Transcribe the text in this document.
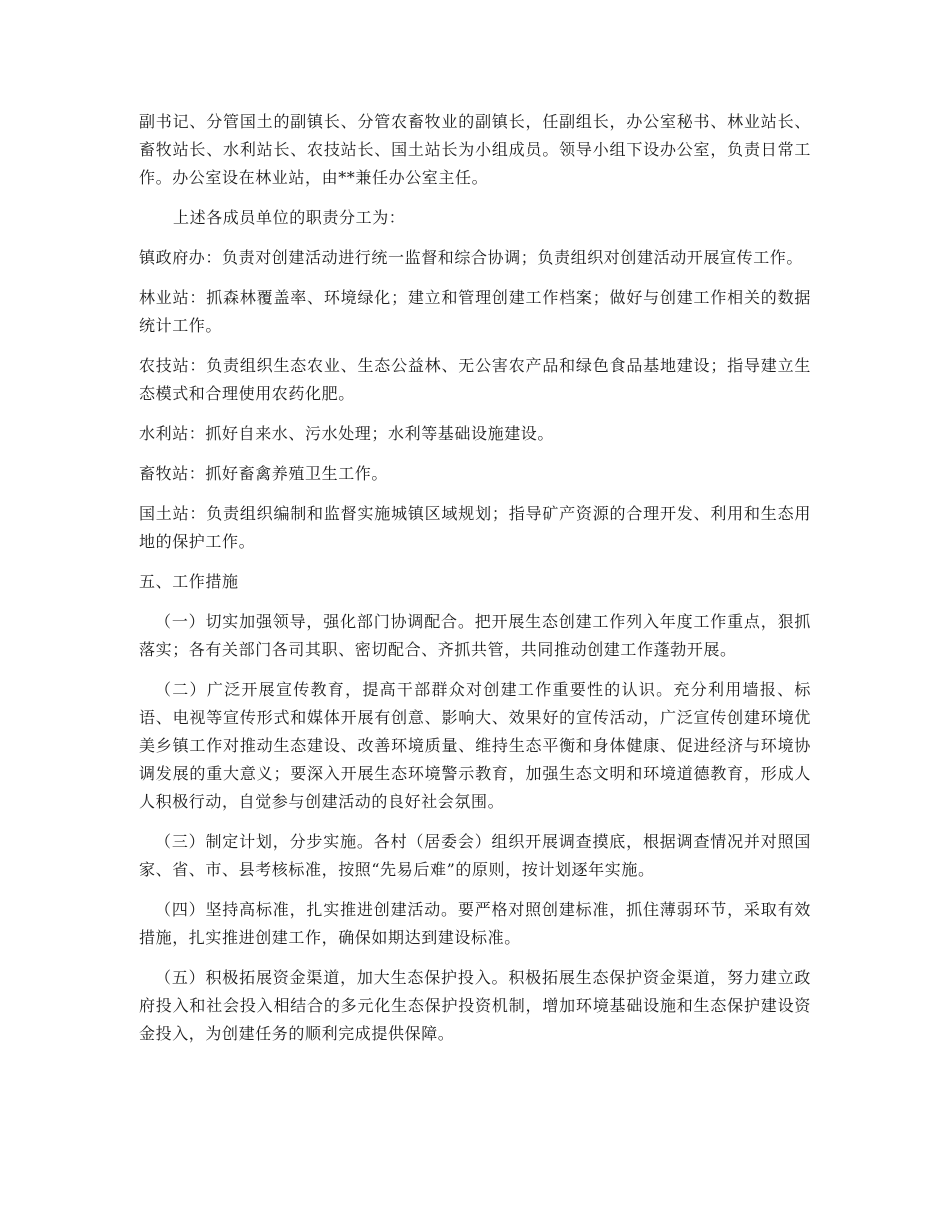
副书记、分管国土的副镇长、分管农畜牧业的副镇长，任副组长，办公室秘书、林业站长、畜牧站长、水利站长、农技站长、国土站长为小组成员。领导小组下设办公室，负责日常工作。办公室设在林业站，由**兼任办公室主任。

上述各成员单位的职责分工为：

镇政府办：负责对创建活动进行统一监督和综合协调；负责组织对创建活动开展宣传工作。

林业站：抓森林覆盖率、环境绿化；建立和管理创建工作档案；做好与创建工作相关的数据统计工作。

农技站：负责组织生态农业、生态公益林、无公害农产品和绿色食品基地建设；指导建立生态模式和合理使用农药化肥。

水利站：抓好自来水、污水处理；水利等基础设施建设。

畜牧站：抓好畜禽养殖卫生工作。

国土站：负责组织编制和监督实施城镇区域规划；指导矿产资源的合理开发、利用和生态用地的保护工作。

五、工作措施

（一）切实加强领导，强化部门协调配合。把开展生态创建工作列入年度工作重点，狠抓落实；各有关部门各司其职、密切配合、齐抓共管，共同推动创建工作蓬勃开展。

（二）广泛开展宣传教育，提高干部群众对创建工作重要性的认识。充分利用墙报、标语、电视等宣传形式和媒体开展有创意、影响大、效果好的宣传活动，广泛宣传创建环境优美乡镇工作对推动生态建设、改善环境质量、维持生态平衡和身体健康、促进经济与环境协调发展的重大意义；要深入开展生态环境警示教育，加强生态文明和环境道德教育，形成人人积极行动，自觉参与创建活动的良好社会氛围。

（三）制定计划，分步实施。各村（居委会）组织开展调查摸底，根据调查情况并对照国家、省、市、县考核标准，按照“先易后难”的原则，按计划逐年实施。

（四）坚持高标准，扎实推进创建活动。要严格对照创建标准，抓住薄弱环节，采取有效措施，扎实推进创建工作，确保如期达到建设标准。

（五）积极拓展资金渠道，加大生态保护投入。积极拓展生态保护资金渠道，努力建立政府投入和社会投入相结合的多元化生态保护投资机制，增加环境基础设施和生态保护建设资金投入，为创建任务的顺利完成提供保障。
